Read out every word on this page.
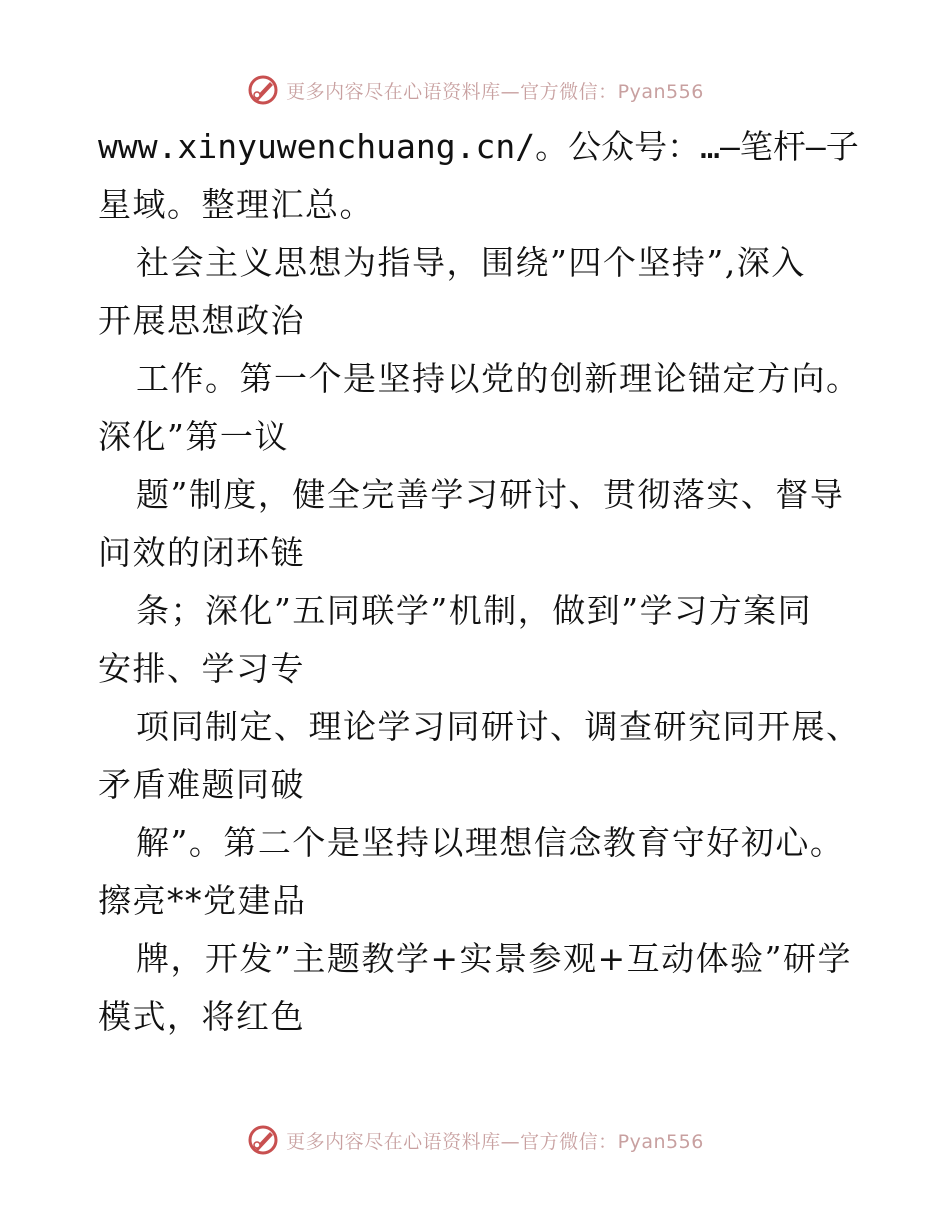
更多内容尽在心语资料库—官方微信：Pyan556
www.xinyuwenchuang.cn/。公众号：…—笔杆—子
星域。整理汇总。
社会主义思想为指导，围绕”四个坚持”,深入
开展思想政治
工作。第一个是坚持以党的创新理论锚定方向。
深化”第一议
题”制度，健全完善学习研讨、贯彻落实、督导
问效的闭环链
条；深化”五同联学”机制，做到”学习方案同
安排、学习专
项同制定、理论学习同研讨、调查研究同开展、
矛盾难题同破
解”。第二个是坚持以理想信念教育守好初心。
擦亮**党建品
牌，开发”主题教学+实景参观+互动体验”研学
模式，将红色
更多内容尽在心语资料库—官方微信：Pyan556
